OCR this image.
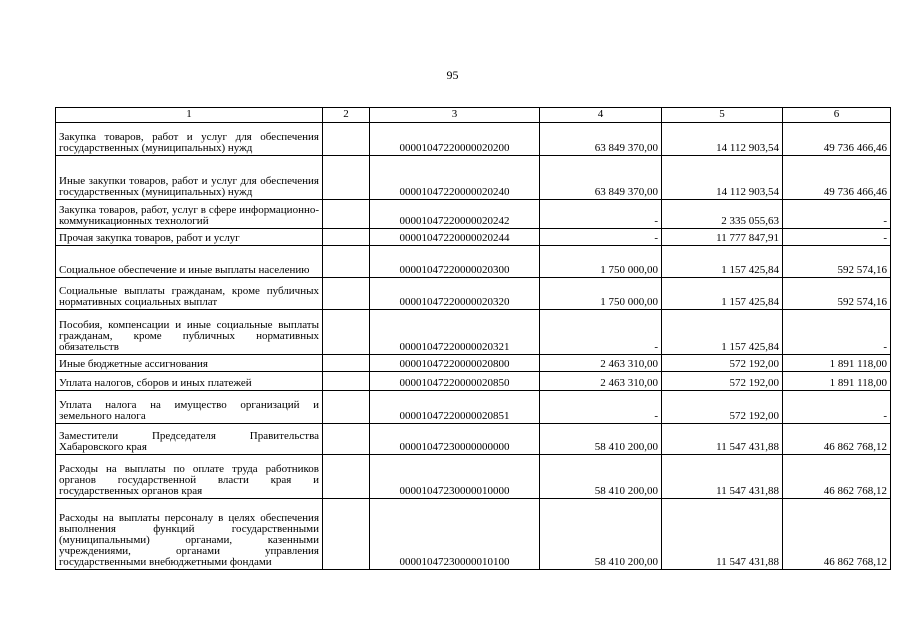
95
1	2	3	4	5	6
Закупка товаров, работ и услуг для обеспечения государственных (муниципальных) нужд		00001047220000020200	63 849 370,00	14 112 903,54	49 736 466,46
Иные закупки товаров, работ и услуг для обеспечения государственных (муниципальных) нужд		00001047220000020240	63 849 370,00	14 112 903,54	49 736 466,46
Закупка товаров, работ, услуг в сфере информационно-коммуникационных технологий		00001047220000020242	-	2 335 055,63	-
Прочая закупка товаров, работ и услуг		00001047220000020244	-	11 777 847,91	-
Социальное обеспечение и иные выплаты населению		00001047220000020300	1 750 000,00	1 157 425,84	592 574,16
Социальные выплаты гражданам, кроме публичных нормативных социальных выплат		00001047220000020320	1 750 000,00	1 157 425,84	592 574,16
Пособия, компенсации и иные социальные выплаты гражданам, кроме публичных нормативных обязательств		00001047220000020321	-	1 157 425,84	-
Иные бюджетные ассигнования		00001047220000020800	2 463 310,00	572 192,00	1 891 118,00
Уплата налогов, сборов и иных платежей		00001047220000020850	2 463 310,00	572 192,00	1 891 118,00
Уплата налога на имущество организаций и земельного налога		00001047220000020851	-	572 192,00	-
Заместители Председателя Правительства Хабаровского края		00001047230000000000	58 410 200,00	11 547 431,88	46 862 768,12
Расходы на выплаты по оплате труда работников органов государственной власти края и государственных органов края		00001047230000010000	58 410 200,00	11 547 431,88	46 862 768,12
Расходы на выплаты персоналу в целях обеспечения выполнения функций государственными (муниципальными) органами, казенными учреждениями, органами управления государственными внебюджетными фондами		00001047230000010100	58 410 200,00	11 547 431,88	46 862 768,12
